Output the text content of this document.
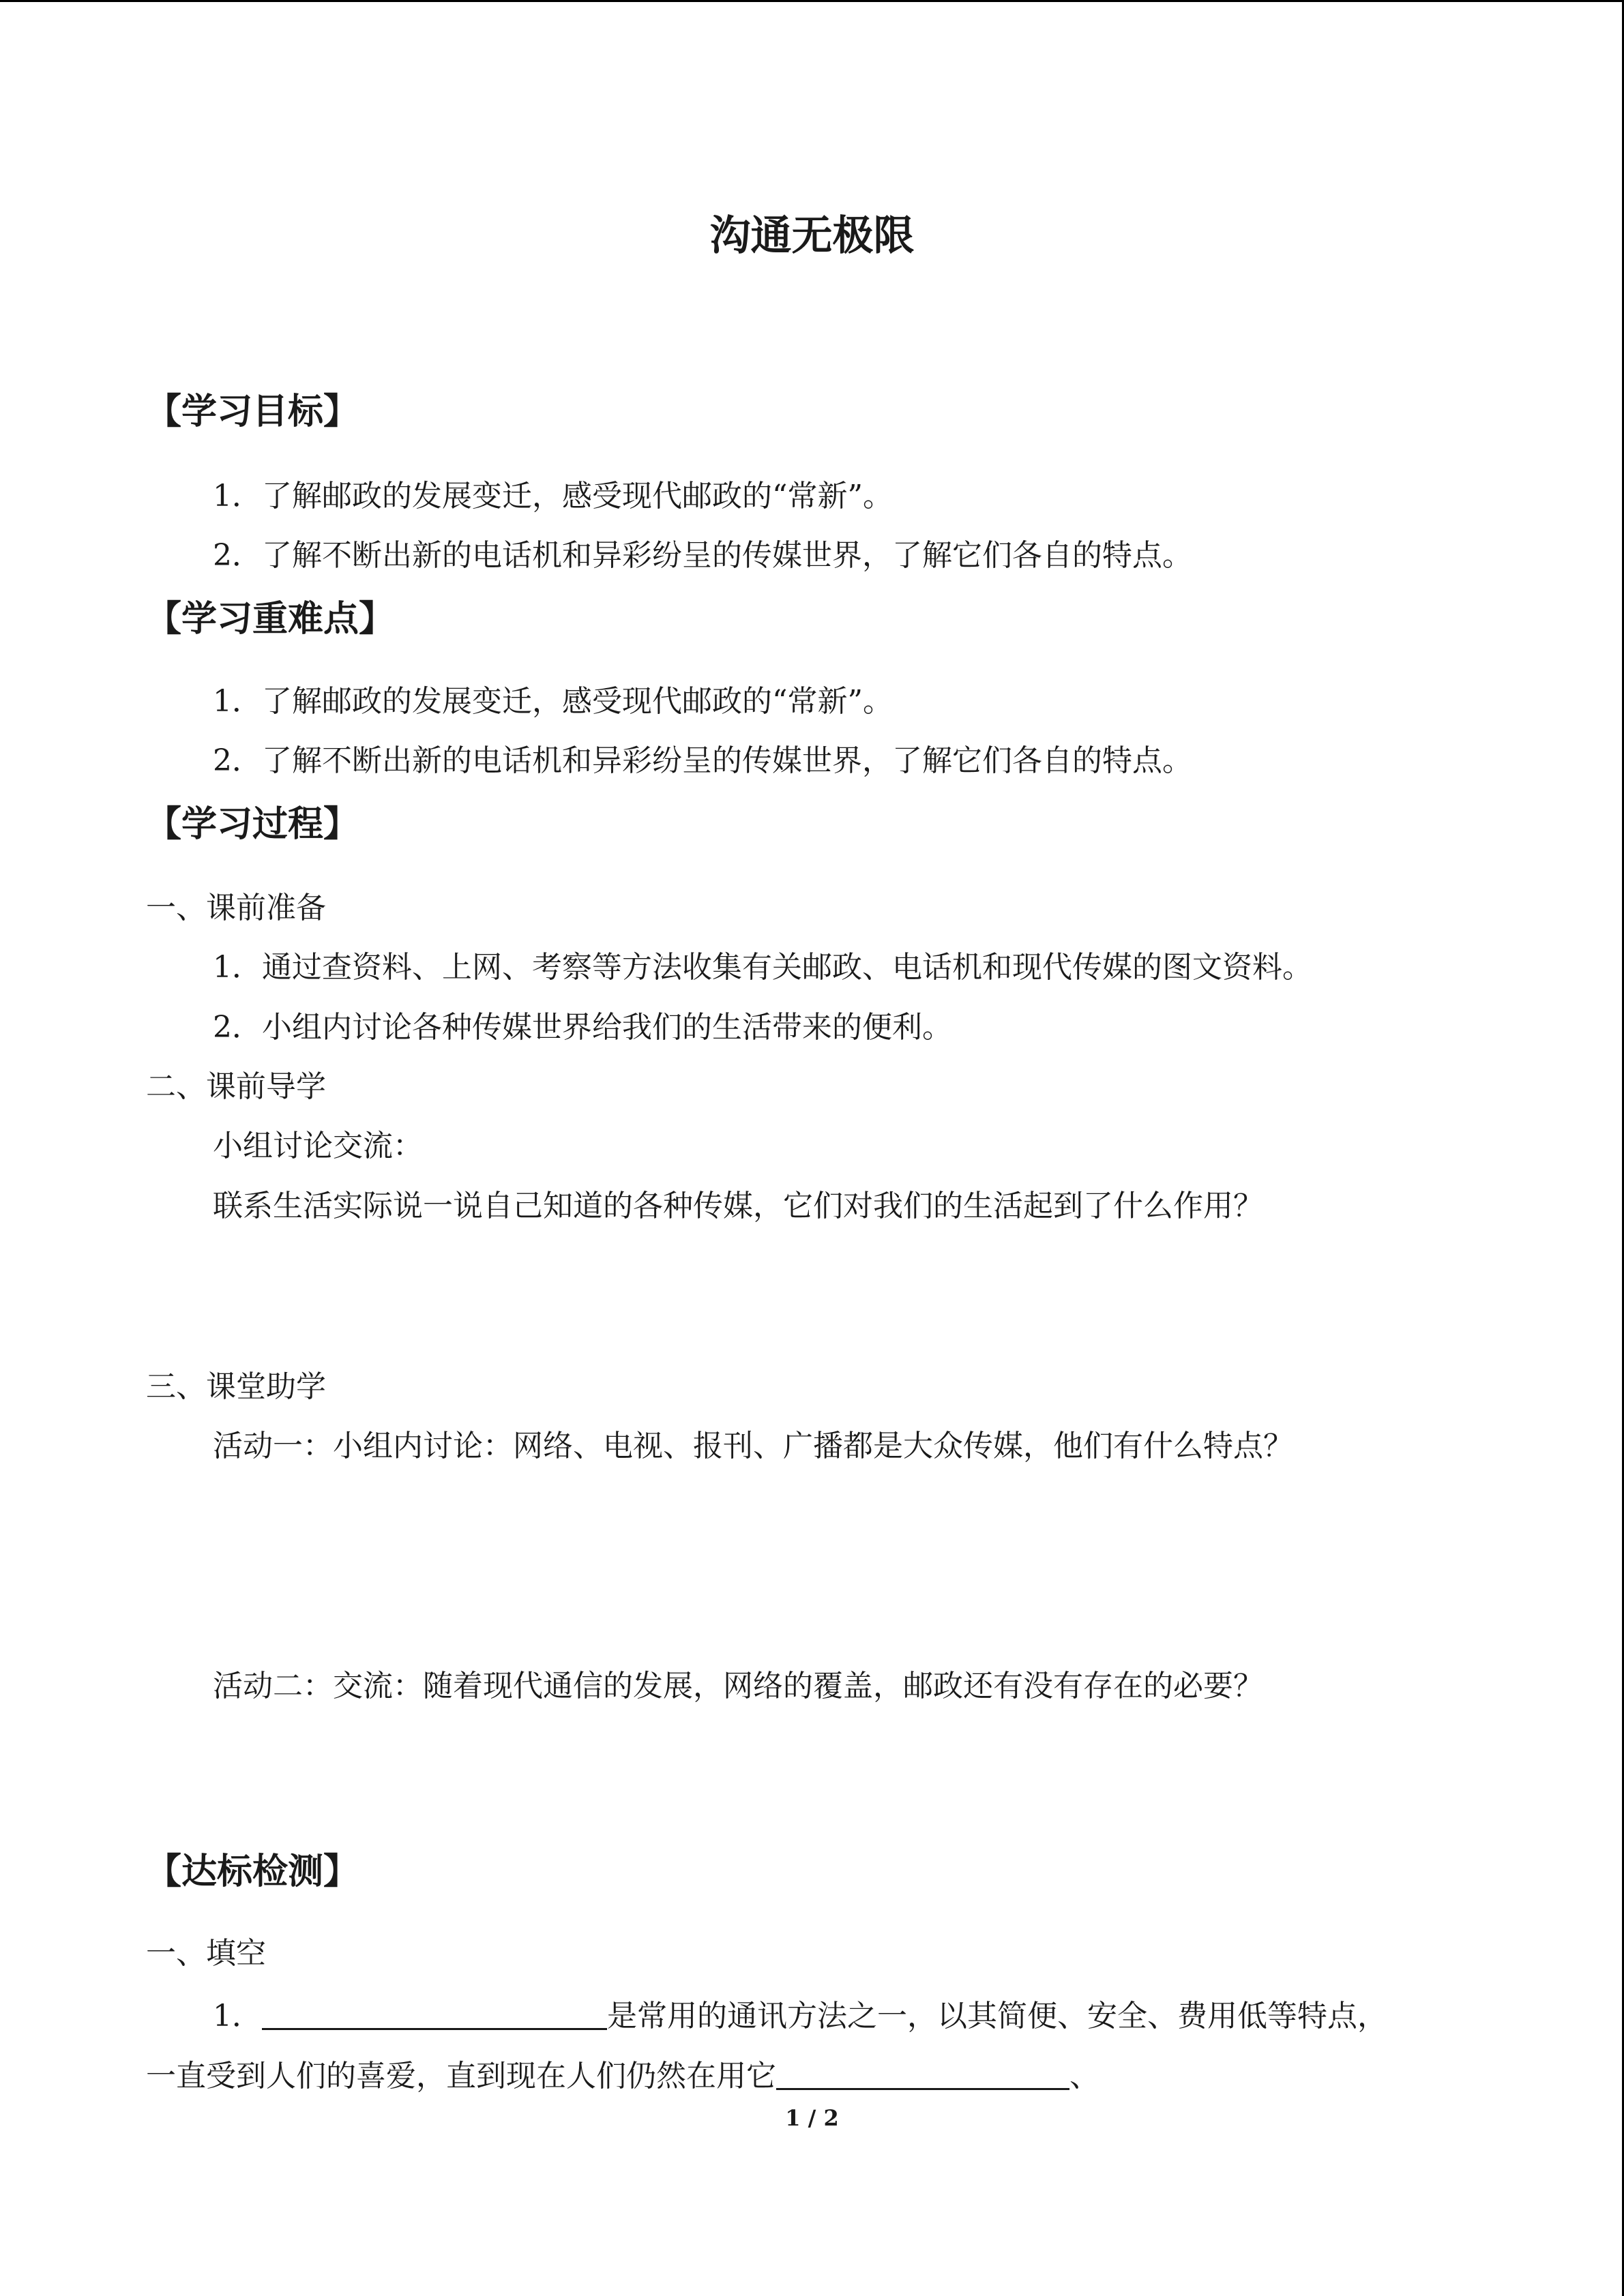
沟通无极限
【学习目标】
1．了解邮政的发展变迁，感受现代邮政的“常新”。
2．了解不断出新的电话机和异彩纷呈的传媒世界，了解它们各自的特点。
【学习重难点】
1．了解邮政的发展变迁，感受现代邮政的“常新”。
2．了解不断出新的电话机和异彩纷呈的传媒世界，了解它们各自的特点。
【学习过程】
一、课前准备
1．通过查资料、上网、考察等方法收集有关邮政、电话机和现代传媒的图文资料。
2．小组内讨论各种传媒世界给我们的生活带来的便利。
二、课前导学
小组讨论交流：
联系生活实际说一说自己知道的各种传媒，它们对我们的生活起到了什么作用？
三、课堂助学
活动一：小组内讨论：网络、电视、报刊、广播都是大众传媒，他们有什么特点？
活动二：交流：随着现代通信的发展，网络的覆盖，邮政还有没有存在的必要？
【达标检测】
一、填空
1．	是常用的通讯方法之一，以其简便、安全、费用低等特点，
一直受到人们的喜爱，直到现在人们仍然在用它	、
1 / 2
